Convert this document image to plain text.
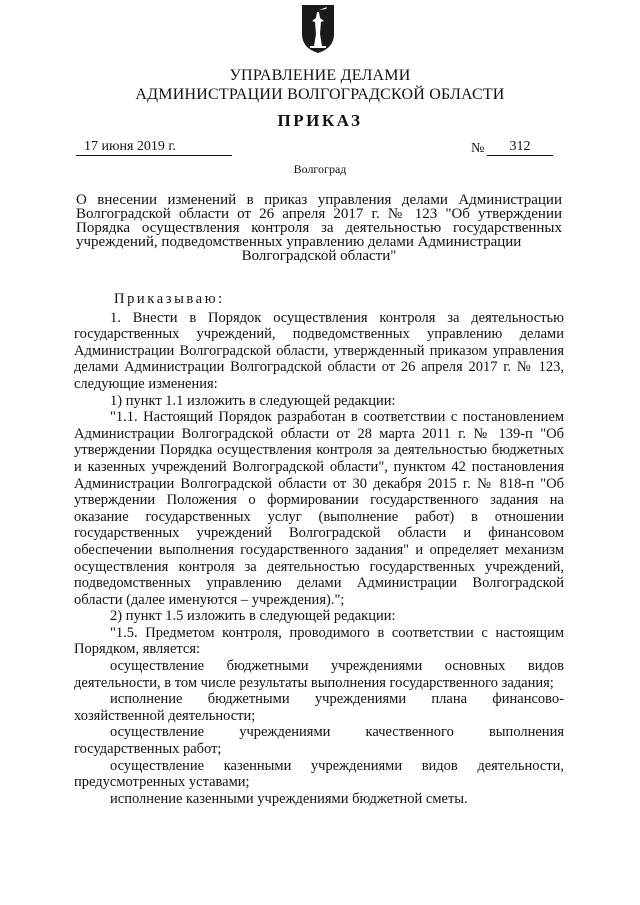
УПРАВЛЕНИЕ ДЕЛАМИ
АДМИНИСТРАЦИИ ВОЛГОГРАДСКОЙ ОБЛАСТИ
ПРИКАЗ
17 июня 2019 г.	№	312
Волгоград
О внесении изменений в приказ управления делами Администрации Волгоградской области от 26 апреля 2017 г. № 123 "Об утверждении Порядка осуществления контроля за деятельностью государственных учреждений, подведомственных управлению делами Администрации
Волгоградской области"

Приказываю:

1. Внести в Порядок осуществления контроля за деятельностью государственных учреждений, подведомственных управлению делами Администрации Волгоградской области, утвержденный приказом управления делами Администрации Волгоградской области от 26 апреля 2017 г. № 123, следующие изменения:

1) пункт 1.1 изложить в следующей редакции:

"1.1. Настоящий Порядок разработан в соответствии с постановлением Администрации Волгоградской области от 28 марта 2011 г. № 139-п "Об утверждении Порядка осуществления контроля за деятельностью бюджетных и казенных учреждений Волгоградской области", пунктом 42 постановления Администрации Волгоградской области от 30 декабря 2015 г. № 818-п "Об утверждении Положения о формировании государственного задания на оказание государственных услуг (выполнение работ) в отношении государственных учреждений Волгоградской области и финансовом обеспечении выполнения государственного задания" и определяет механизм осуществления контроля за деятельностью государственных учреждений, подведомственных управлению делами Администрации Волгоградской области (далее именуются – учреждения).";

2) пункт 1.5 изложить в следующей редакции:

"1.5. Предметом контроля, проводимого в соответствии с настоящим Порядком, является:

осуществление бюджетными учреждениями основных видов деятельности, в том числе результаты выполнения государственного задания;

исполнение бюджетными учреждениями плана финансово-хозяйственной деятельности;

осуществление учреждениями качественного выполнения государственных работ;

осуществление казенными учреждениями видов деятельности, предусмотренных уставами;

исполнение казенными учреждениями бюджетной сметы.
